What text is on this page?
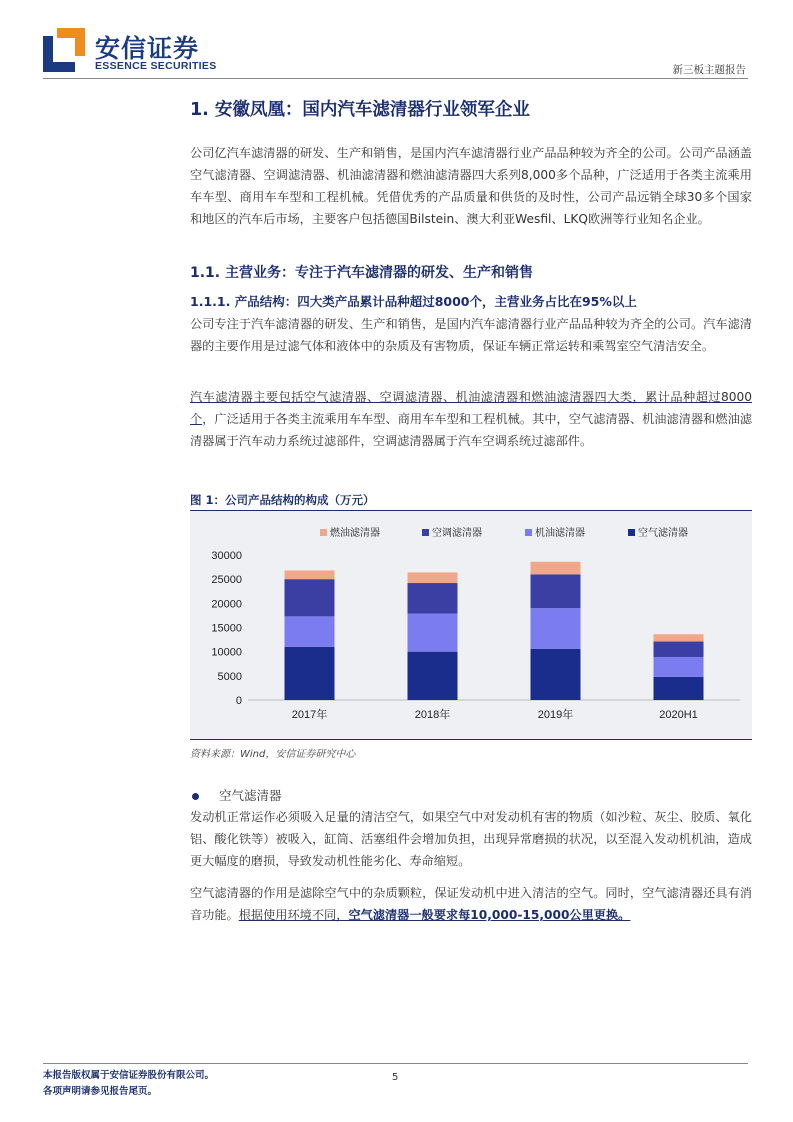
安信证券
ESSENCE SECURITIES	新三板主题报告
1. 安徽凤凰：国内汽车滤清器行业领军企业
公司亿汽车滤清器的研发、生产和销售，是国内汽车滤清器行业产品品种较为齐全的公司。公司产品涵盖空气滤清器、空调滤清器、机油滤清器和燃油滤清器四大系列8,000多个品种，广泛适用于各类主流乘用车车型、商用车车型和工程机械。凭借优秀的产品质量和供货的及时性，公司产品远销全球30多个国家和地区的汽车后市场，主要客户包括德国Bilstein、澳大利亚Wesfil、LKQ欧洲等行业知名企业。
1.1. 主营业务：专注于汽车滤清器的研发、生产和销售
1.1.1. 产品结构：四大类产品累计品种超过8000个，主营业务占比在95%以上
公司专注于汽车滤清器的研发、生产和销售，是国内汽车滤清器行业产品品种较为齐全的公司。汽车滤清器的主要作用是过滤气体和液体中的杂质及有害物质，保证车辆正常运转和乘驾室空气清洁安全。
汽车滤清器主要包括空气滤清器、空调滤清器、机油滤清器和燃油滤清器四大类，累计品种超过8000个，广泛适用于各类主流乘用车车型、商用车车型和工程机械。其中，空气滤清器、机油滤清器和燃油滤清器属于汽车动力系统过滤部件，空调滤清器属于汽车空调系统过滤部件。
图 1：公司产品结构的构成（万元）
0
5000
10000
15000
20000
25000
30000
2017年	2018年	2019年	2020H1
燃油滤清器	空调滤清器	机油滤清器	空气滤清器
资料来源：Wind，安信证券研究中心
空气滤清器
发动机正常运作必须吸入足量的清洁空气，如果空气中对发动机有害的物质（如沙粒、灰尘、胶质、氧化铝、酸化铁等）被吸入，缸筒、活塞组件会增加负担，出现异常磨损的状况，以至混入发动机机油，造成更大幅度的磨损，导致发动机性能劣化、寿命缩短。
空气滤清器的作用是滤除空气中的杂质颗粒，保证发动机中进入清洁的空气。同时，空气滤清器还具有消音功能。根据使用环境不同，空气滤清器一般要求每10,000-15,000公里更换。
本报告版权属于安信证券股份有限公司。
各项声明请参见报告尾页。
5
